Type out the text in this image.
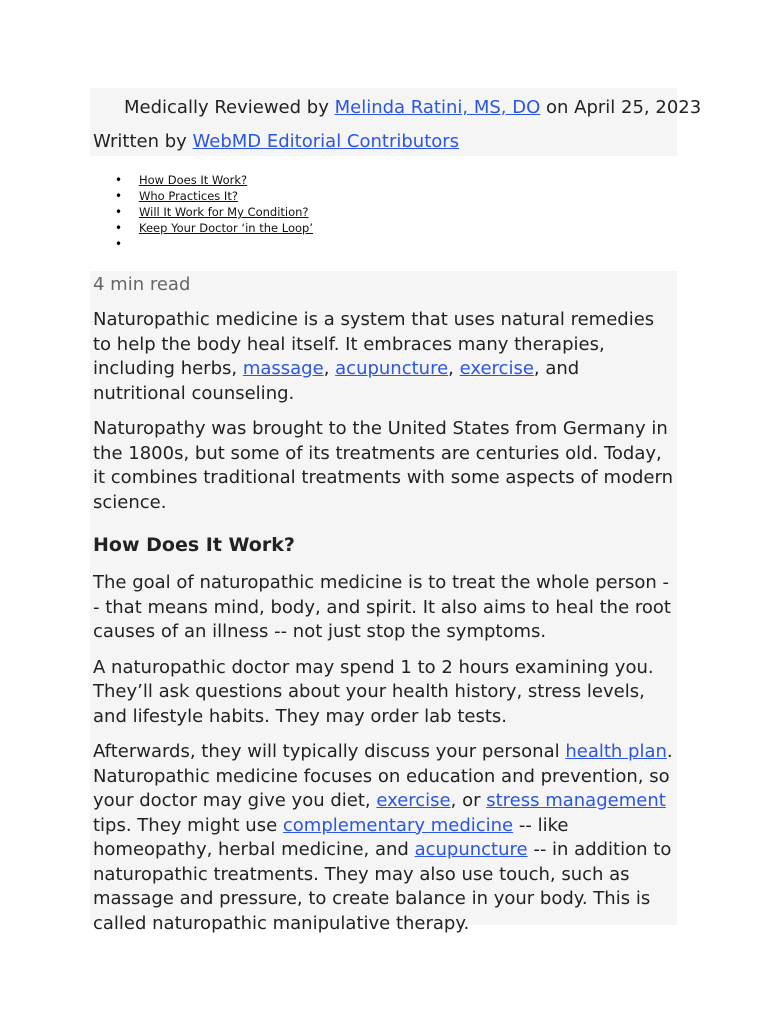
Medically Reviewed by Melinda Ratini, MS, DO on April 25, 2023
Written by WebMD Editorial Contributors
• How Does It Work?
• Who Practices It?
• Will It Work for My Condition?
• Keep Your Doctor ‘in the Loop’
•
4 min read

Naturopathic medicine is a system that uses natural remedies to help the body heal itself. It embraces many therapies, including herbs, massage, acupuncture, exercise, and nutritional counseling.

Naturopathy was brought to the United States from Germany in the 1800s, but some of its treatments are centuries old. Today, it combines traditional treatments with some aspects of modern science.

How Does It Work?

The goal of naturopathic medicine is to treat the whole person -- that means mind, body, and spirit. It also aims to heal the root causes of an illness -- not just stop the symptoms.

A naturopathic doctor may spend 1 to 2 hours examining you. They’ll ask questions about your health history, stress levels, and lifestyle habits. They may order lab tests.

Afterwards, they will typically discuss your personal health plan. Naturopathic medicine focuses on education and prevention, so your doctor may give you diet, exercise, or stress management tips. They might use complementary medicine -- like homeopathy, herbal medicine, and acupuncture -- in addition to naturopathic treatments. They may also use touch, such as massage and pressure, to create balance in your body. This is called naturopathic manipulative therapy.
